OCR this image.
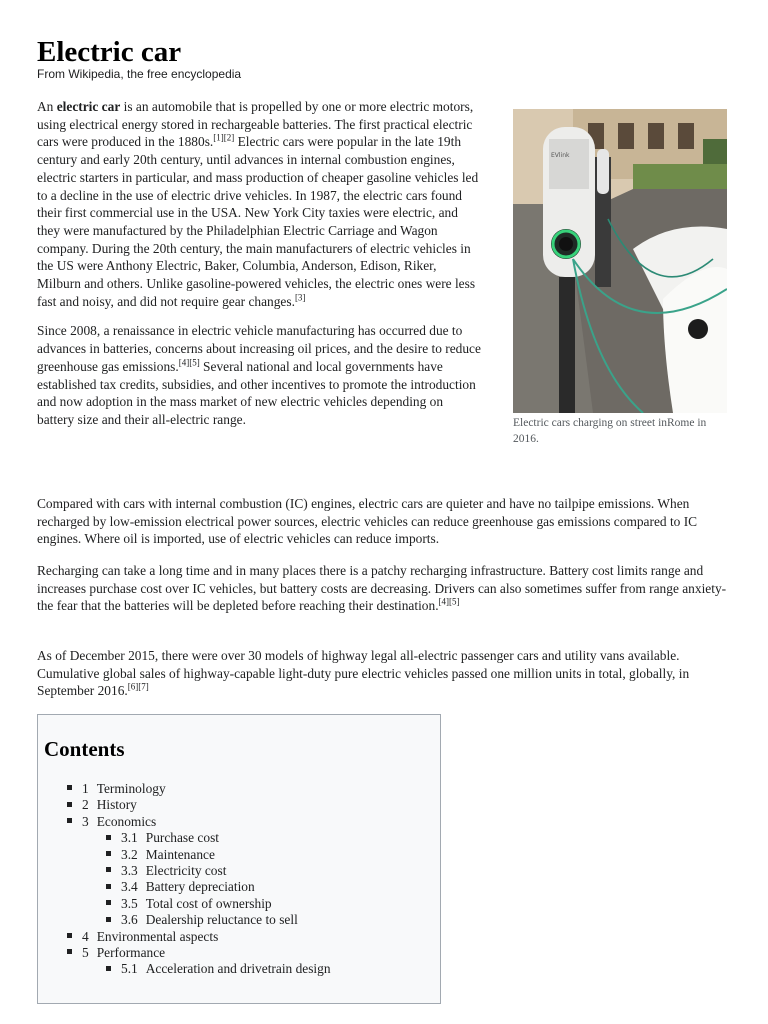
Electric car
From Wikipedia, the free encyclopedia

An electric car is an automobile that is propelled by one or more electric motors, using electrical energy stored in rechargeable batteries. The first practical electric cars were produced in the 1880s.[1][2] Electric cars were popular in the late 19th century and early 20th century, until advances in internal combustion engines, electric starters in particular, and mass production of cheaper gasoline vehicles led to a decline in the use of electric drive vehicles. In 1987, the electric cars found their first commercial use in the USA. New York City taxies were electric, and they were manufactured by the Philadelphian Electric Carriage and Wagon company. During the 20th century, the main manufacturers of electric vehicles in the US were Anthony Electric, Baker, Columbia, Anderson, Edison, Riker, Milburn and others. Unlike gasoline-powered vehicles, the electric ones were less fast and noisy, and did not require gear changes.[3]

Since 2008, a renaissance in electric vehicle manufacturing has occurred due to advances in batteries, concerns about increasing oil prices, and the desire to reduce greenhouse gas emissions.[4][5] Several national and local governments have established tax credits, subsidies, and other incentives to promote the introduction and now adoption in the mass market of new electric vehicles depending on battery size and their all-electric range.

EVlink
Electric cars charging on street inRome in 2016.

Compared with cars with internal combustion (IC) engines, electric cars are quieter and have no tailpipe emissions. When recharged by low-emission electrical power sources, electric vehicles can reduce greenhouse gas emissions compared to IC engines. Where oil is imported, use of electric vehicles can reduce imports.

Recharging can take a long time and in many places there is a patchy recharging infrastructure. Battery cost limits range and increases purchase cost over IC vehicles, but battery costs are decreasing. Drivers can also sometimes suffer from range anxiety- the fear that the batteries will be depleted before reaching their destination.[4][5]

As of December 2015, there were over 30 models of highway legal all-electric passenger cars and utility vans available. Cumulative global sales of highway-capable light-duty pure electric vehicles passed one million units in total, globally, in September 2016.[6][7]

Contents
1 Terminology
2 History
3 Economics
3.1 Purchase cost
3.2 Maintenance
3.3 Electricity cost
3.4 Battery depreciation
3.5 Total cost of ownership
3.6 Dealership reluctance to sell
4 Environmental aspects
5 Performance
5.1 Acceleration and drivetrain design
